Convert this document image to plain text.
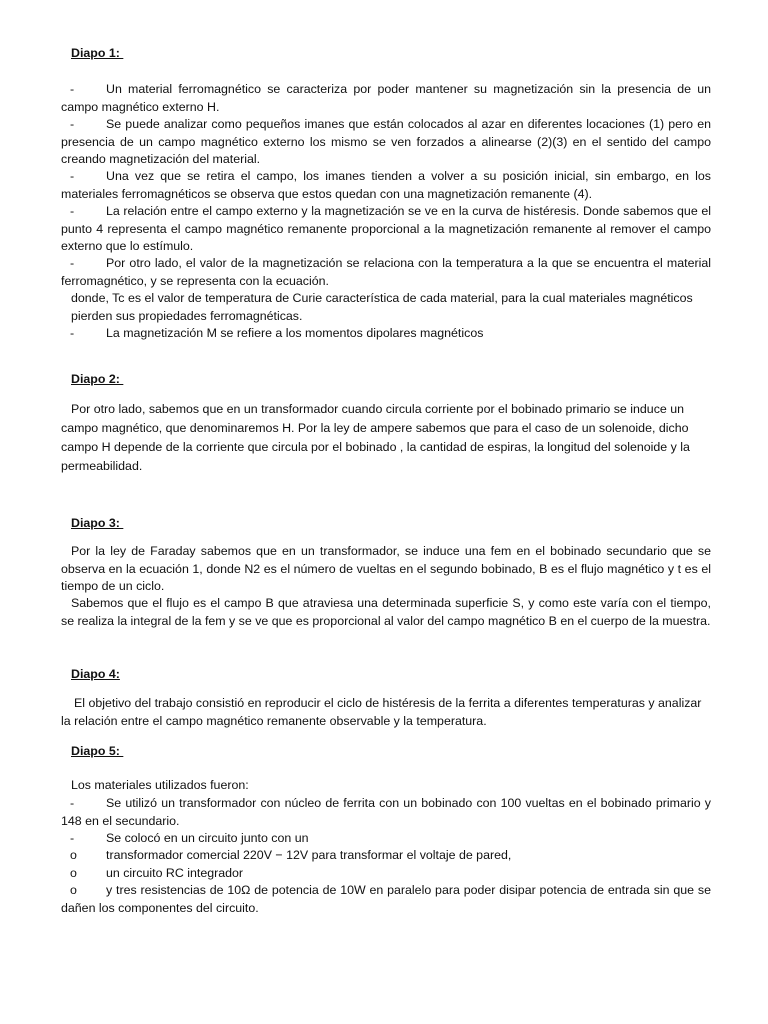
Diapo 1:
-	Un material ferromagnético se caracteriza por poder mantener su magnetización sin la presencia de un campo magnético externo H.
-	Se puede analizar como pequeños imanes que están colocados al azar en diferentes locaciones (1) pero en presencia de un campo magnético externo los mismo se ven forzados a alinearse (2)(3) en el sentido del campo creando magnetización del material.
-	Una vez que se retira el campo, los imanes tienden a volver a su posición inicial, sin embargo, en los materiales ferromagnéticos se observa que estos quedan con una magnetización remanente (4).
-	La relación entre el campo externo y la magnetización se ve en la curva de histéresis. Donde sabemos que el punto 4 representa el campo magnético remanente proporcional a la magnetización remanente al remover el campo externo que lo estímulo.
-	Por otro lado, el valor de la magnetización se relaciona con la temperatura a la que se encuentra el material ferromagnético, y se representa con la ecuación.
donde, Tc es el valor de temperatura de Curie característica de cada material, para la cual materiales magnéticos pierden sus propiedades ferromagnéticas.
-	La magnetización M se refiere a los momentos dipolares magnéticos
Diapo 2:
Por otro lado, sabemos que en un transformador cuando circula corriente por el bobinado primario se induce un campo magnético, que denominaremos H. Por la ley de ampere sabemos que para el caso de un solenoide, dicho campo H depende de la corriente que circula por el bobinado , la cantidad de espiras, la longitud del solenoide y la permeabilidad.
Diapo 3:
Por la ley de Faraday sabemos que en un transformador, se induce una fem en el bobinado secundario que se observa en la ecuación 1, donde N2 es el número de vueltas en el segundo bobinado, B es el flujo magnético y t es el tiempo de un ciclo.
Sabemos que el flujo es el campo B que atraviesa una determinada superficie S, y como este varía con el tiempo, se realiza la integral de la fem y se ve que es proporcional al valor del campo magnético B en el cuerpo de la muestra.
Diapo 4:
El objetivo del trabajo consistió en reproducir el ciclo de histéresis de la ferrita a diferentes temperaturas y analizar la relación entre el campo magnético remanente observable y la temperatura.
Diapo 5:
Los materiales utilizados fueron:
-	Se utilizó un transformador con núcleo de ferrita con un bobinado con 100 vueltas en el bobinado primario y 148 en el secundario.
-	Se colocó en un circuito junto con un
o transformador comercial 220V − 12V para transformar el voltaje de pared,
o un circuito RC integrador
o y tres resistencias de 10Ω de potencia de 10W en paralelo para poder disipar potencia de entrada sin que se dañen los componentes del circuito.
